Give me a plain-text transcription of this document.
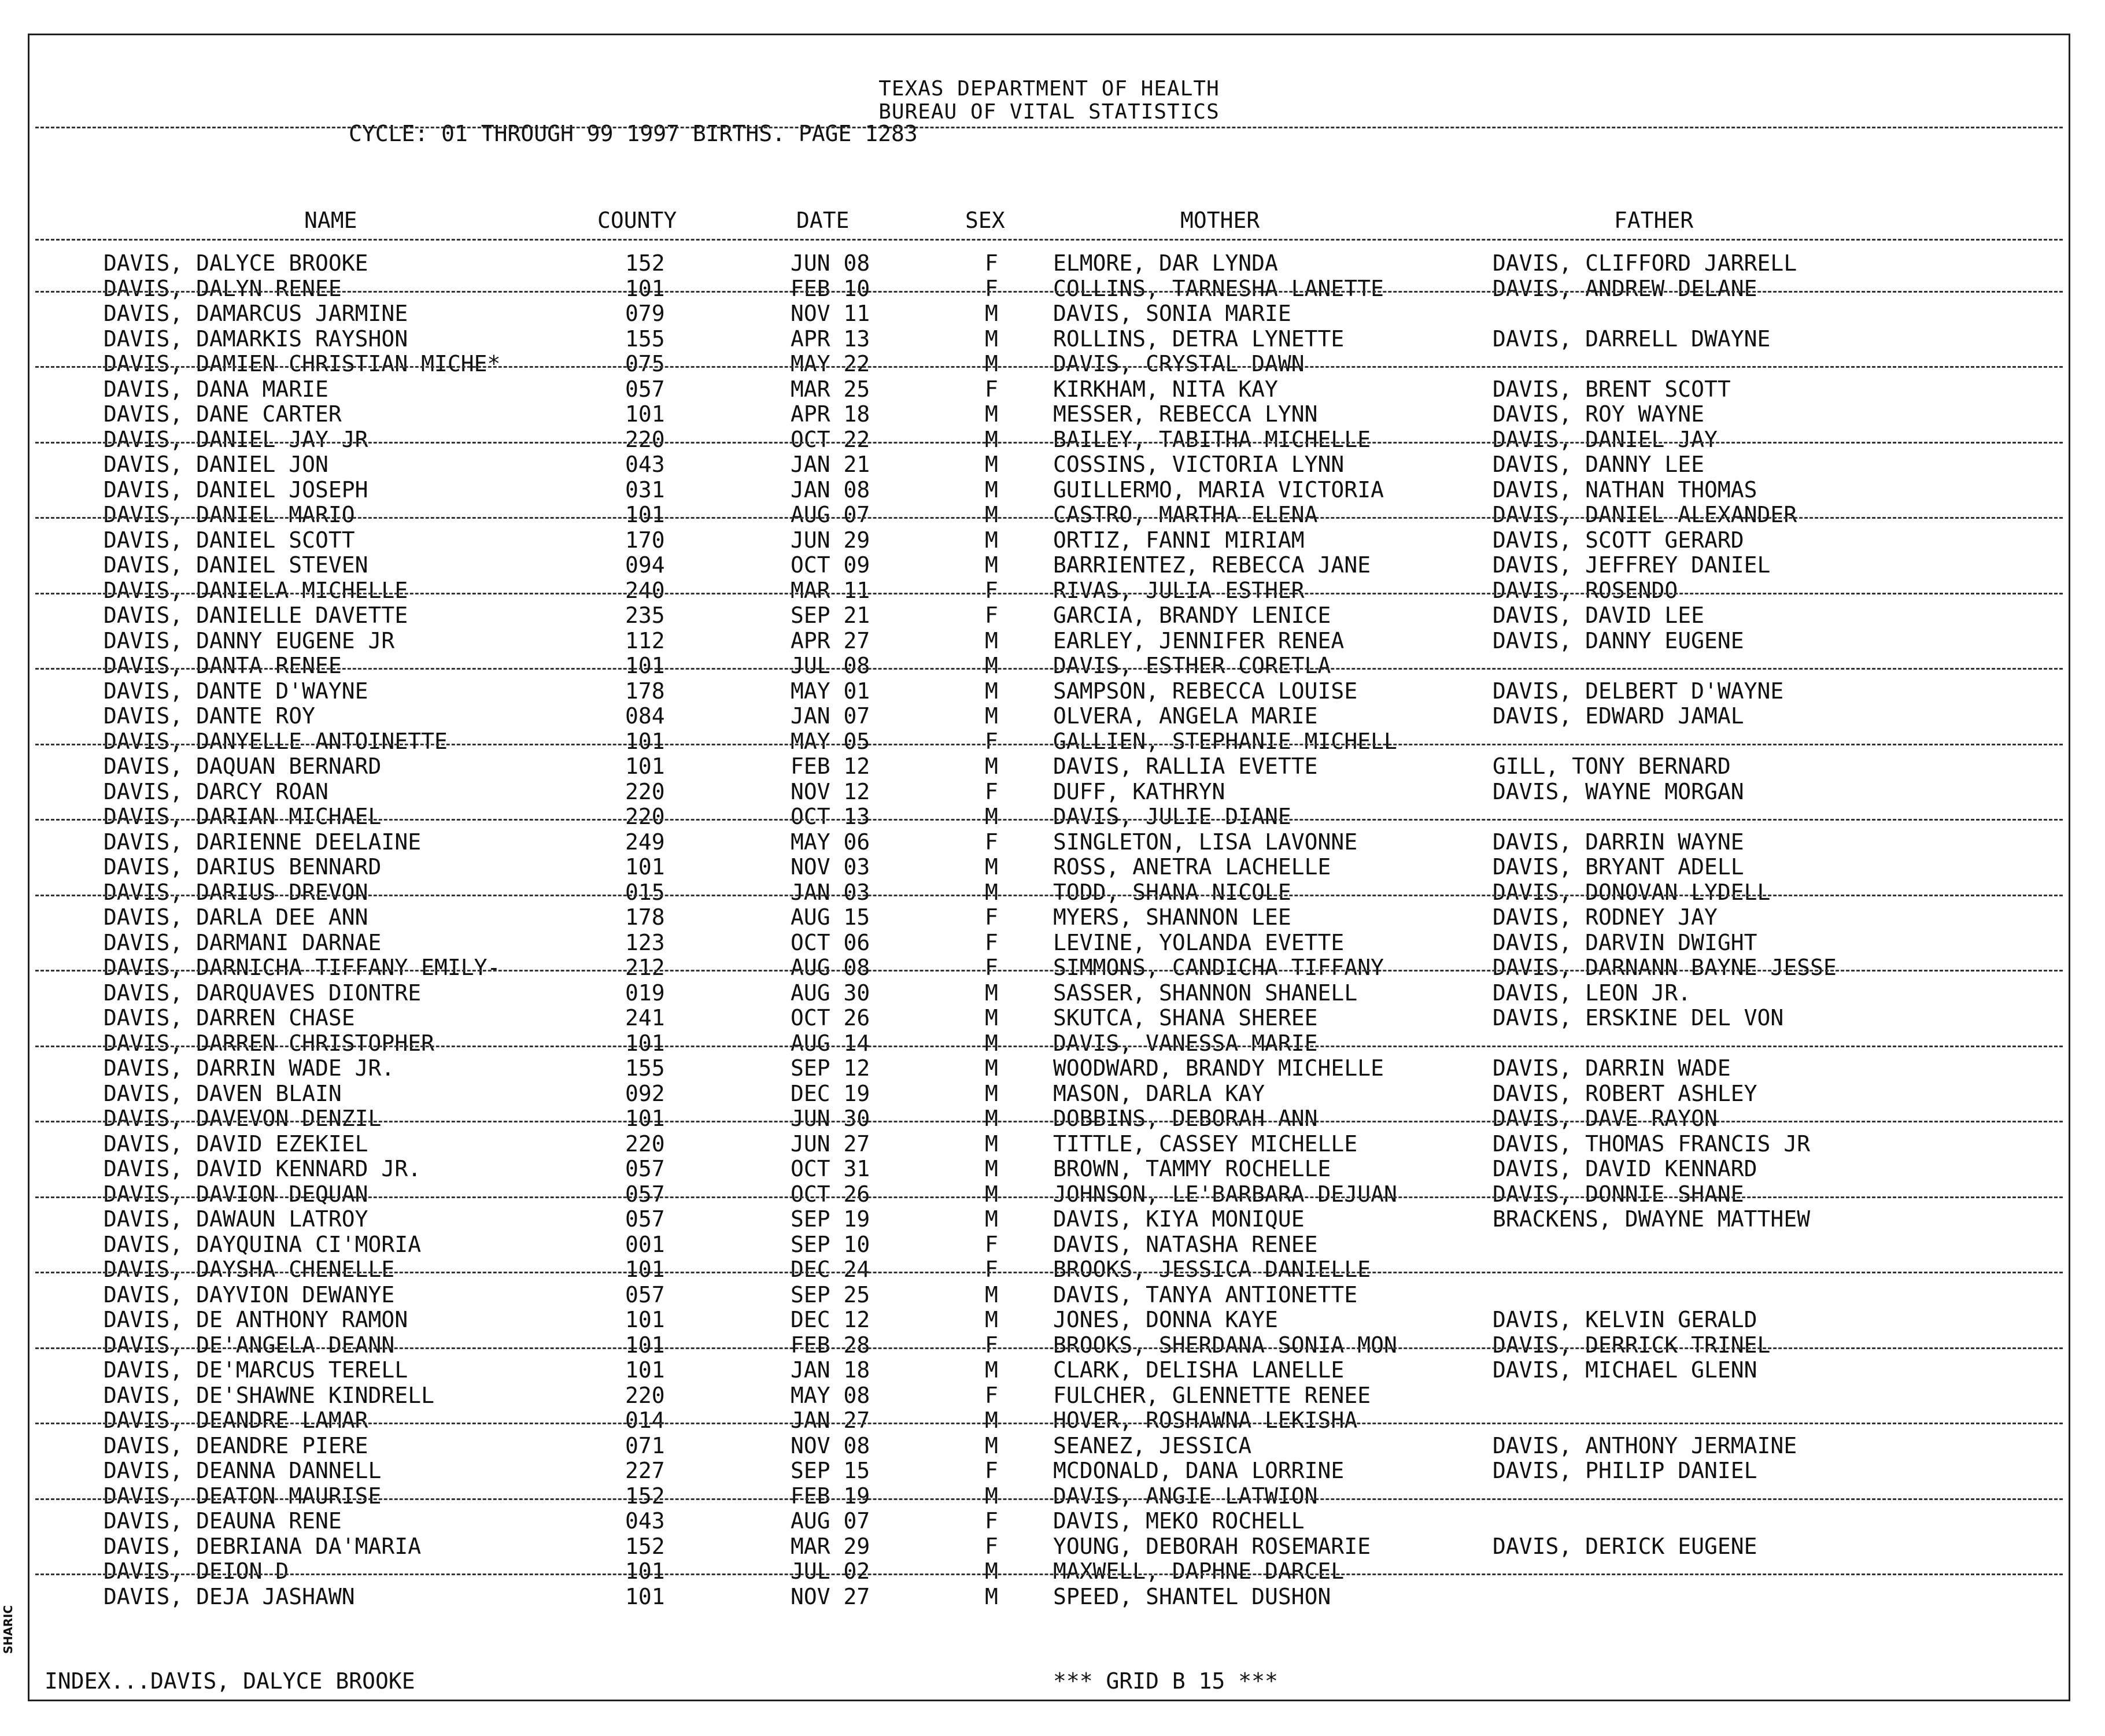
TEXAS DEPARTMENT OF HEALTH
BUREAU OF VITAL STATISTICS
CYCLE: 01 THROUGH 99 1997 BIRTHS. PAGE 1283
NAME	COUNTY	DATE	SEX	MOTHER	FATHER
DAVIS, DALYCE BROOKE	152	JUN 08	F	ELMORE, DAR LYNDA	DAVIS, CLIFFORD JARRELL
DAVIS, DALYN RENEE	101	FEB 10	F	COLLINS, TARNESHA LANETTE	DAVIS, ANDREW DELANE
DAVIS, DAMARCUS JARMINE	079	NOV 11	M	DAVIS, SONIA MARIE
DAVIS, DAMARKIS RAYSHON	155	APR 13	M	ROLLINS, DETRA LYNETTE	DAVIS, DARRELL DWAYNE
DAVIS, DAMIEN CHRISTIAN MICHE*	075	MAY 22	M	DAVIS, CRYSTAL DAWN
DAVIS, DANA MARIE	057	MAR 25	F	KIRKHAM, NITA KAY	DAVIS, BRENT SCOTT
DAVIS, DANE CARTER	101	APR 18	M	MESSER, REBECCA LYNN	DAVIS, ROY WAYNE
DAVIS, DANIEL JAY JR	220	OCT 22	M	BAILEY, TABITHA MICHELLE	DAVIS, DANIEL JAY
DAVIS, DANIEL JON	043	JAN 21	M	COSSINS, VICTORIA LYNN	DAVIS, DANNY LEE
DAVIS, DANIEL JOSEPH	031	JAN 08	M	GUILLERMO, MARIA VICTORIA	DAVIS, NATHAN THOMAS
DAVIS, DANIEL MARIO	101	AUG 07	M	CASTRO, MARTHA ELENA	DAVIS, DANIEL ALEXANDER
DAVIS, DANIEL SCOTT	170	JUN 29	M	ORTIZ, FANNI MIRIAM	DAVIS, SCOTT GERARD
DAVIS, DANIEL STEVEN	094	OCT 09	M	BARRIENTEZ, REBECCA JANE	DAVIS, JEFFREY DANIEL
DAVIS, DANIELA MICHELLE	240	MAR 11	F	RIVAS, JULIA ESTHER	DAVIS, ROSENDO
DAVIS, DANIELLE DAVETTE	235	SEP 21	F	GARCIA, BRANDY LENICE	DAVIS, DAVID LEE
DAVIS, DANNY EUGENE JR	112	APR 27	M	EARLEY, JENNIFER RENEA	DAVIS, DANNY EUGENE
DAVIS, DANTA RENEE	101	JUL 08	M	DAVIS, ESTHER CORETLA
DAVIS, DANTE D'WAYNE	178	MAY 01	M	SAMPSON, REBECCA LOUISE	DAVIS, DELBERT D'WAYNE
DAVIS, DANTE ROY	084	JAN 07	M	OLVERA, ANGELA MARIE	DAVIS, EDWARD JAMAL
DAVIS, DANYELLE ANTOINETTE	101	MAY 05	F	GALLIEN, STEPHANIE MICHELL
DAVIS, DAQUAN BERNARD	101	FEB 12	M	DAVIS, RALLIA EVETTE	GILL, TONY BERNARD
DAVIS, DARCY ROAN	220	NOV 12	F	DUFF, KATHRYN	DAVIS, WAYNE MORGAN
DAVIS, DARIAN MICHAEL	220	OCT 13	M	DAVIS, JULIE DIANE
DAVIS, DARIENNE DEELAINE	249	MAY 06	F	SINGLETON, LISA LAVONNE	DAVIS, DARRIN WAYNE
DAVIS, DARIUS BENNARD	101	NOV 03	M	ROSS, ANETRA LACHELLE	DAVIS, BRYANT ADELL
DAVIS, DARIUS DREVON	015	JAN 03	M	TODD, SHANA NICOLE	DAVIS, DONOVAN LYDELL
DAVIS, DARLA DEE ANN	178	AUG 15	F	MYERS, SHANNON LEE	DAVIS, RODNEY JAY
DAVIS, DARMANI DARNAE	123	OCT 06	F	LEVINE, YOLANDA EVETTE	DAVIS, DARVIN DWIGHT
DAVIS, DARNICHA TIFFANY EMILY-	212	AUG 08	F	SIMMONS, CANDICHA TIFFANY	DAVIS, DARNANN BAYNE JESSE
DAVIS, DARQUAVES DIONTRE	019	AUG 30	M	SASSER, SHANNON SHANELL	DAVIS, LEON JR.
DAVIS, DARREN CHASE	241	OCT 26	M	SKUTCA, SHANA SHEREE	DAVIS, ERSKINE DEL VON
DAVIS, DARREN CHRISTOPHER	101	AUG 14	M	DAVIS, VANESSA MARIE
DAVIS, DARRIN WADE JR.	155	SEP 12	M	WOODWARD, BRANDY MICHELLE	DAVIS, DARRIN WADE
DAVIS, DAVEN BLAIN	092	DEC 19	M	MASON, DARLA KAY	DAVIS, ROBERT ASHLEY
DAVIS, DAVEVON DENZIL	101	JUN 30	M	DOBBINS, DEBORAH ANN	DAVIS, DAVE RAYON
DAVIS, DAVID EZEKIEL	220	JUN 27	M	TITTLE, CASSEY MICHELLE	DAVIS, THOMAS FRANCIS JR
DAVIS, DAVID KENNARD JR.	057	OCT 31	M	BROWN, TAMMY ROCHELLE	DAVIS, DAVID KENNARD
DAVIS, DAVION DEQUAN	057	OCT 26	M	JOHNSON, LE'BARBARA DEJUAN	DAVIS, DONNIE SHANE
DAVIS, DAWAUN LATROY	057	SEP 19	M	DAVIS, KIYA MONIQUE	BRACKENS, DWAYNE MATTHEW
DAVIS, DAYQUINA CI'MORIA	001	SEP 10	F	DAVIS, NATASHA RENEE
DAVIS, DAYSHA CHENELLE	101	DEC 24	F	BROOKS, JESSICA DANIELLE
DAVIS, DAYVION DEWANYE	057	SEP 25	M	DAVIS, TANYA ANTIONETTE
DAVIS, DE ANTHONY RAMON	101	DEC 12	M	JONES, DONNA KAYE	DAVIS, KELVIN GERALD
DAVIS, DE'ANGELA DEANN	101	FEB 28	F	BROOKS, SHERDANA SONIA MON	DAVIS, DERRICK TRINEL
DAVIS, DE'MARCUS TERELL	101	JAN 18	M	CLARK, DELISHA LANELLE	DAVIS, MICHAEL GLENN
DAVIS, DE'SHAWNE KINDRELL	220	MAY 08	F	FULCHER, GLENNETTE RENEE
DAVIS, DEANDRE LAMAR	014	JAN 27	M	HOVER, ROSHAWNA LEKISHA
DAVIS, DEANDRE PIERE	071	NOV 08	M	SEANEZ, JESSICA	DAVIS, ANTHONY JERMAINE
DAVIS, DEANNA DANNELL	227	SEP 15	F	MCDONALD, DANA LORRINE	DAVIS, PHILIP DANIEL
DAVIS, DEATON MAURISE	152	FEB 19	M	DAVIS, ANGIE LATWION
DAVIS, DEAUNA RENE	043	AUG 07	F	DAVIS, MEKO ROCHELL
DAVIS, DEBRIANA DA'MARIA	152	MAR 29	F	YOUNG, DEBORAH ROSEMARIE	DAVIS, DERICK EUGENE
DAVIS, DEION D	101	JUL 02	M	MAXWELL, DAPHNE DARCEL
DAVIS, DEJA JASHAWN	101	NOV 27	M	SPEED, SHANTEL DUSHON
INDEX...DAVIS, DALYCE BROOKE	*** GRID B 15 ***
SHARIC
